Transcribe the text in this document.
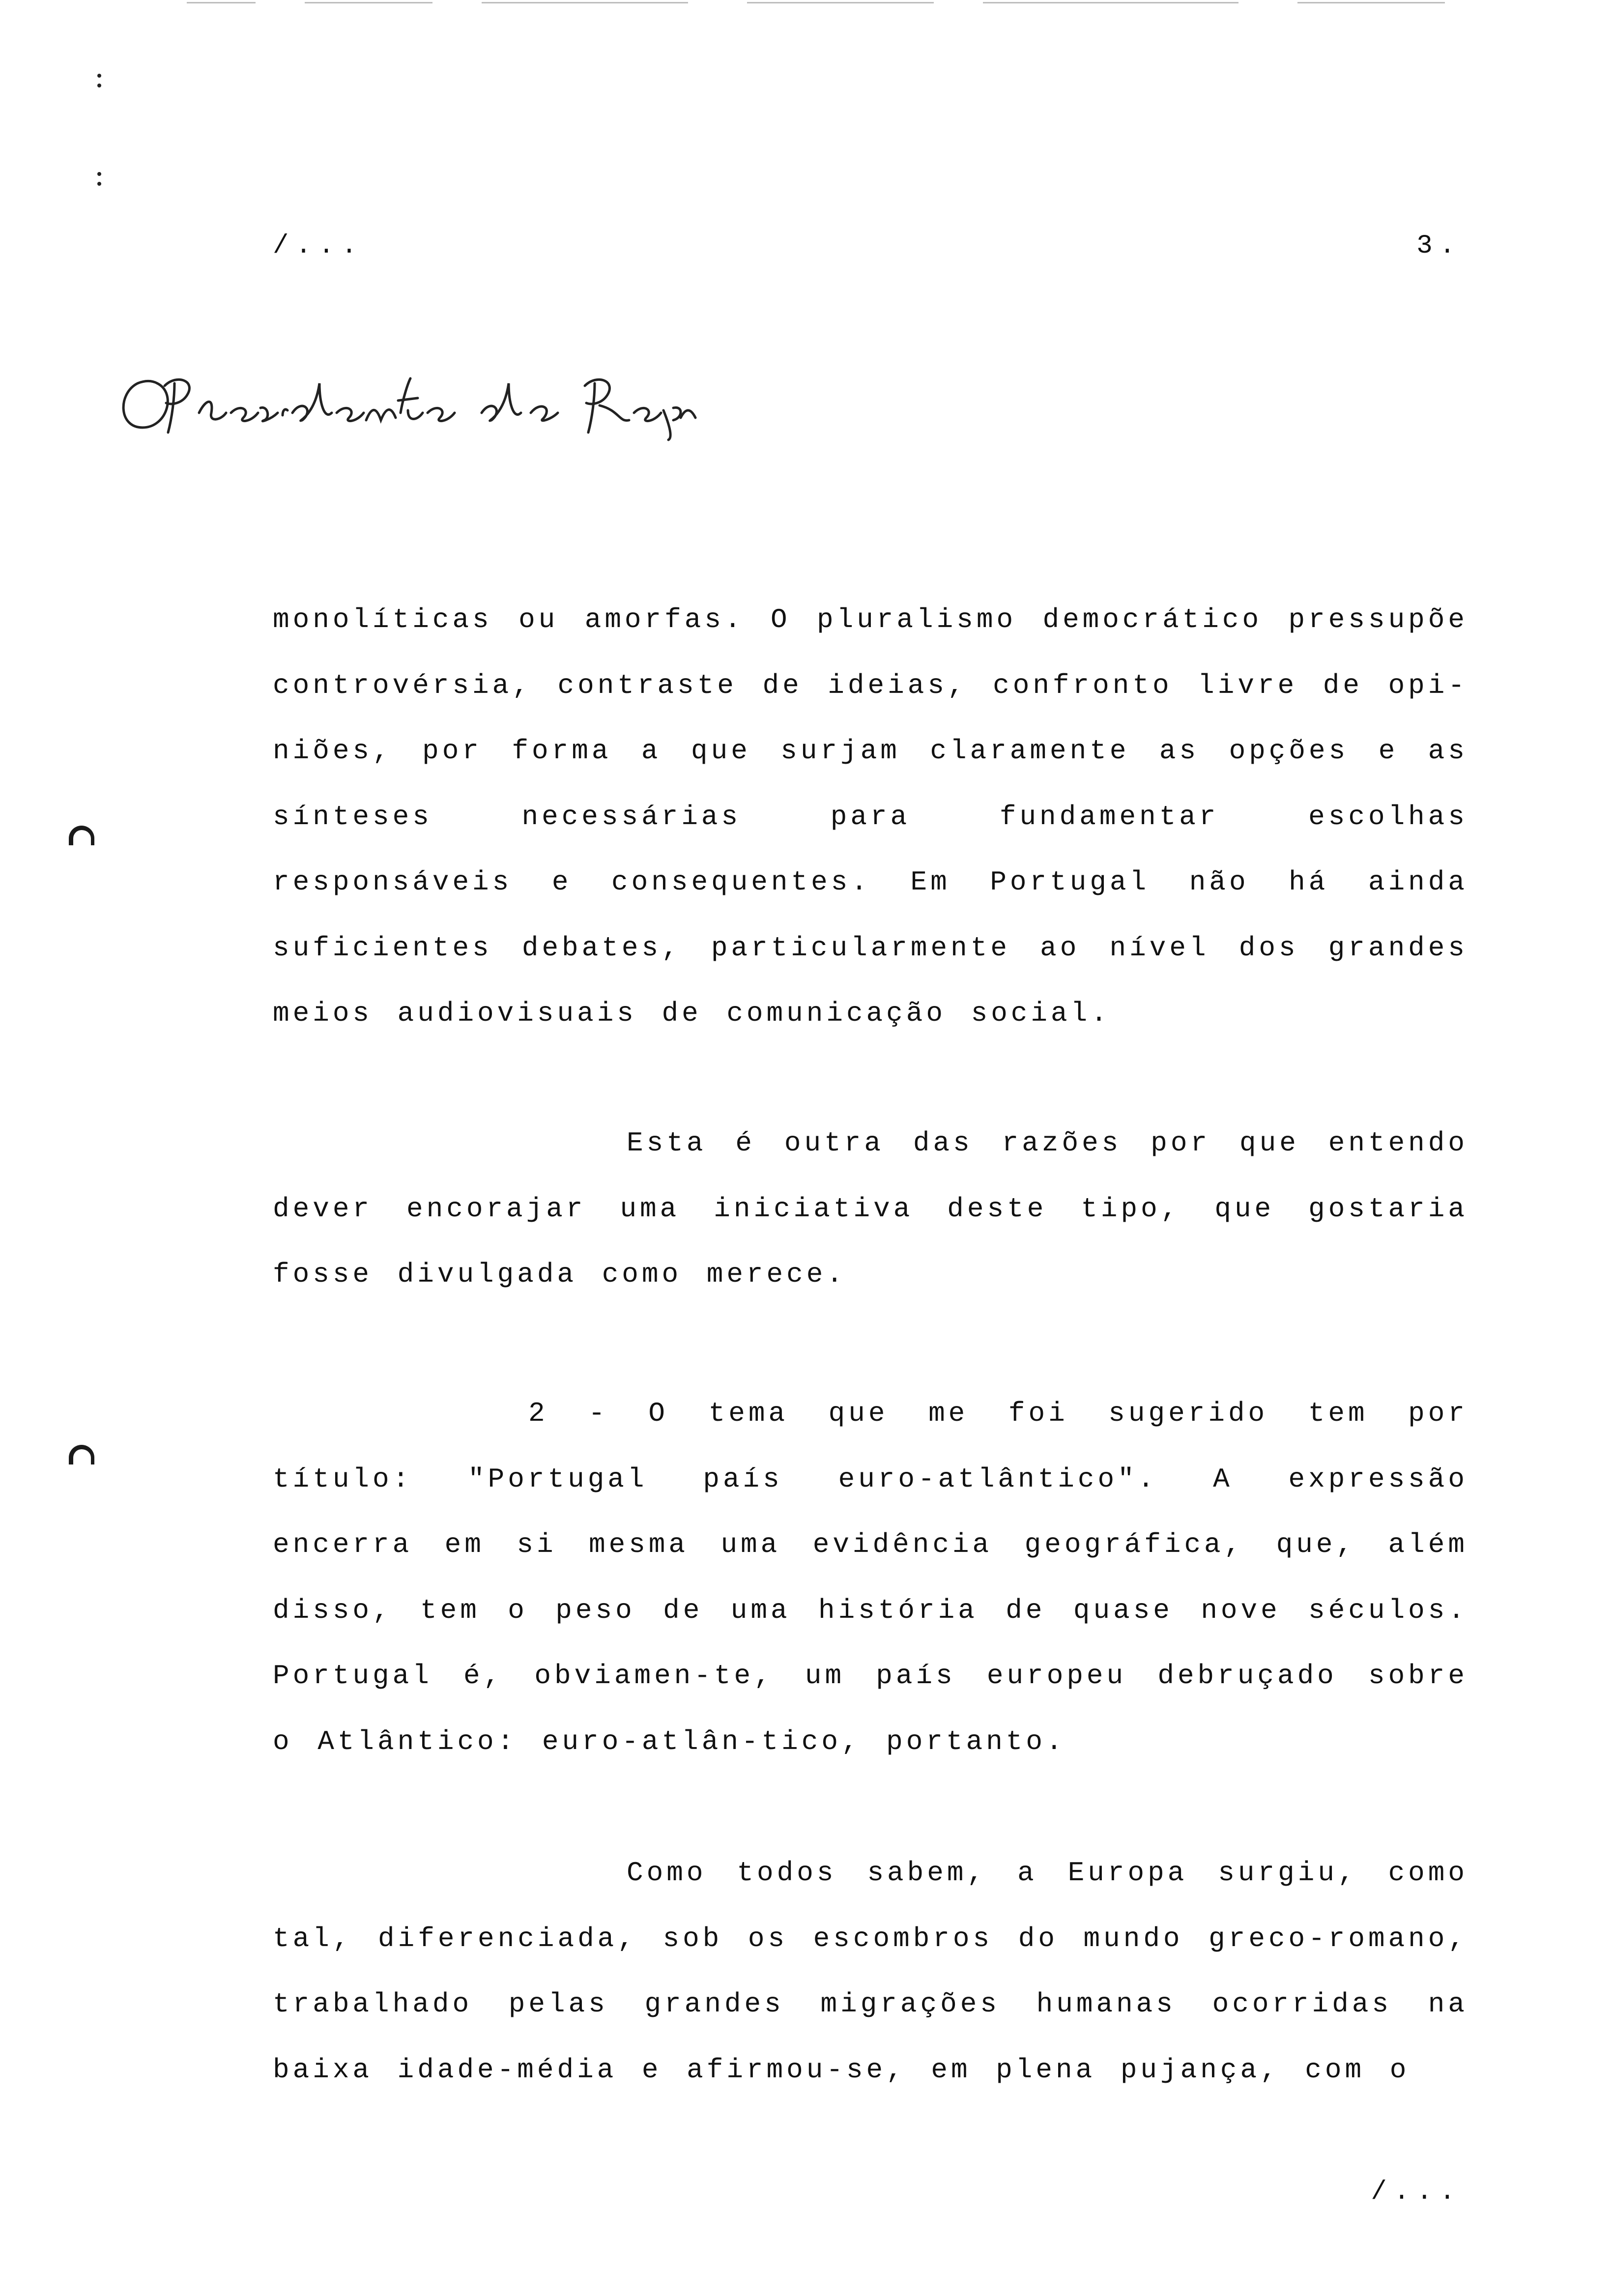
/...	3.
monolíticas ou amorfas. O pluralismo democrático pressupõe controvérsia, contraste de ideias, confronto livre de opi-niões, por forma a que surjam claramente as opções e as sínteses necessárias para fundamentar escolhas responsáveis e consequentes. Em Portugal não há ainda suficientes debates, particularmente ao nível dos grandes meios audiovisuais de comunicação social.
Esta é outra das razões por que entendo dever encorajar uma iniciativa deste tipo, que gostaria fosse divulgada como merece.
2 - O tema que me foi sugerido tem por título: "Portugal país euro-atlântico". A expressão encerra em si mesma uma evidência geográfica, que, além disso, tem o peso de uma história de quase nove séculos. Portugal é, obviamen-te, um país europeu debruçado sobre o Atlântico: euro-atlân-tico, portanto.
Como todos sabem, a Europa surgiu, como tal, diferenciada, sob os escombros do mundo greco-romano, trabalhado pelas grandes migrações humanas ocorridas na baixa idade-média e afirmou-se, em plena pujança, com o
/...
